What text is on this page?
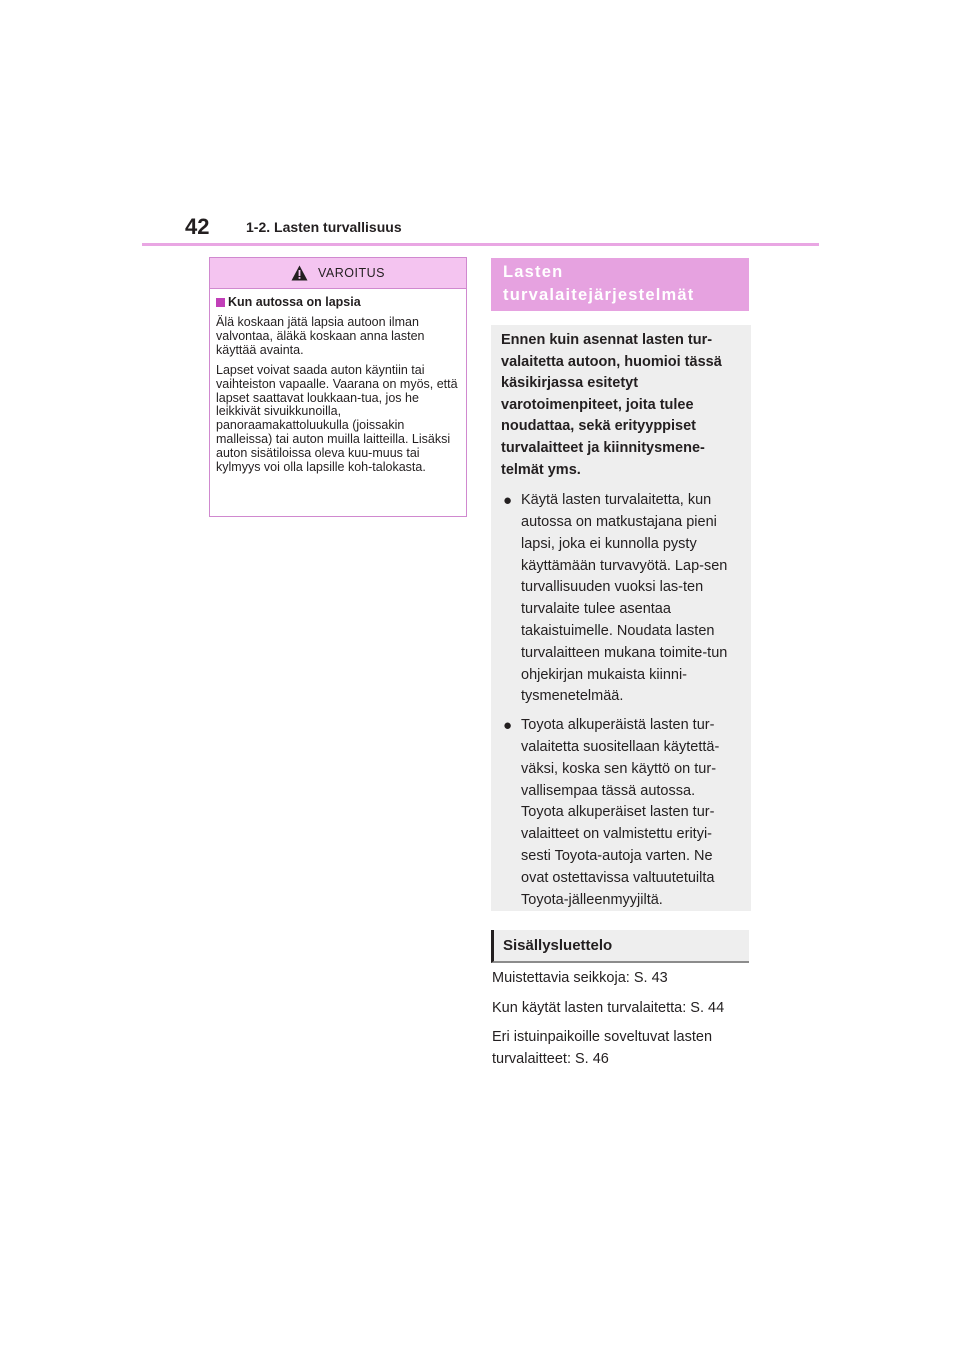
42	1-2. Lasten turvallisuus
VAROITUS
Kun autossa on lapsia

Älä koskaan jätä lapsia autoon ilman valvontaa, äläkä koskaan anna lasten käyttää avainta.

Lapset voivat saada auton käyntiin tai vaihteiston vapaalle. Vaarana on myös, että lapset saattavat loukkaan-tua, jos he leikkivät sivuikkunoilla, panoraamakattoluukulla (joissakin malleissa) tai auton muilla laitteilla. Lisäksi auton sisätiloissa oleva kuu-muus tai kylmyys voi olla lapsille koh-talokasta.

Lasten turvalaitejärjestelmät

Ennen kuin asennat lasten tur-valaitetta autoon, huomioi tässä käsikirjassa esitetyt varotoimenpiteet, joita tulee noudattaa, sekä erityyppiset turvalaitteet ja kiinnitysmene-telmät yms.

● Käytä lasten turvalaitetta, kun autossa on matkustajana pieni lapsi, joka ei kunnolla pysty käyttämään turvavyötä. Lap-sen turvallisuuden vuoksi las-ten turvalaite tulee asentaa takaistuimelle. Noudata lasten turvalaitteen mukana toimite-tun ohjekirjan mukaista kiinni-tysmenetelmää.
● Toyota alkuperäistä lasten tur-valaitetta suositellaan käytettä-väksi, koska sen käyttö on tur-vallisempaa tässä autossa. Toyota alkuperäiset lasten tur-valaitteet on valmistettu erityi-sesti Toyota-autoja varten. Ne ovat ostettavissa valtuutetuilta Toyota-jälleenmyyjiltä.
Sisällysluettelo

Muistettavia seikkoja: S. 43

Kun käytät lasten turvalaitetta: S. 44

Eri istuinpaikoille soveltuvat lasten turvalaitteet: S. 46
